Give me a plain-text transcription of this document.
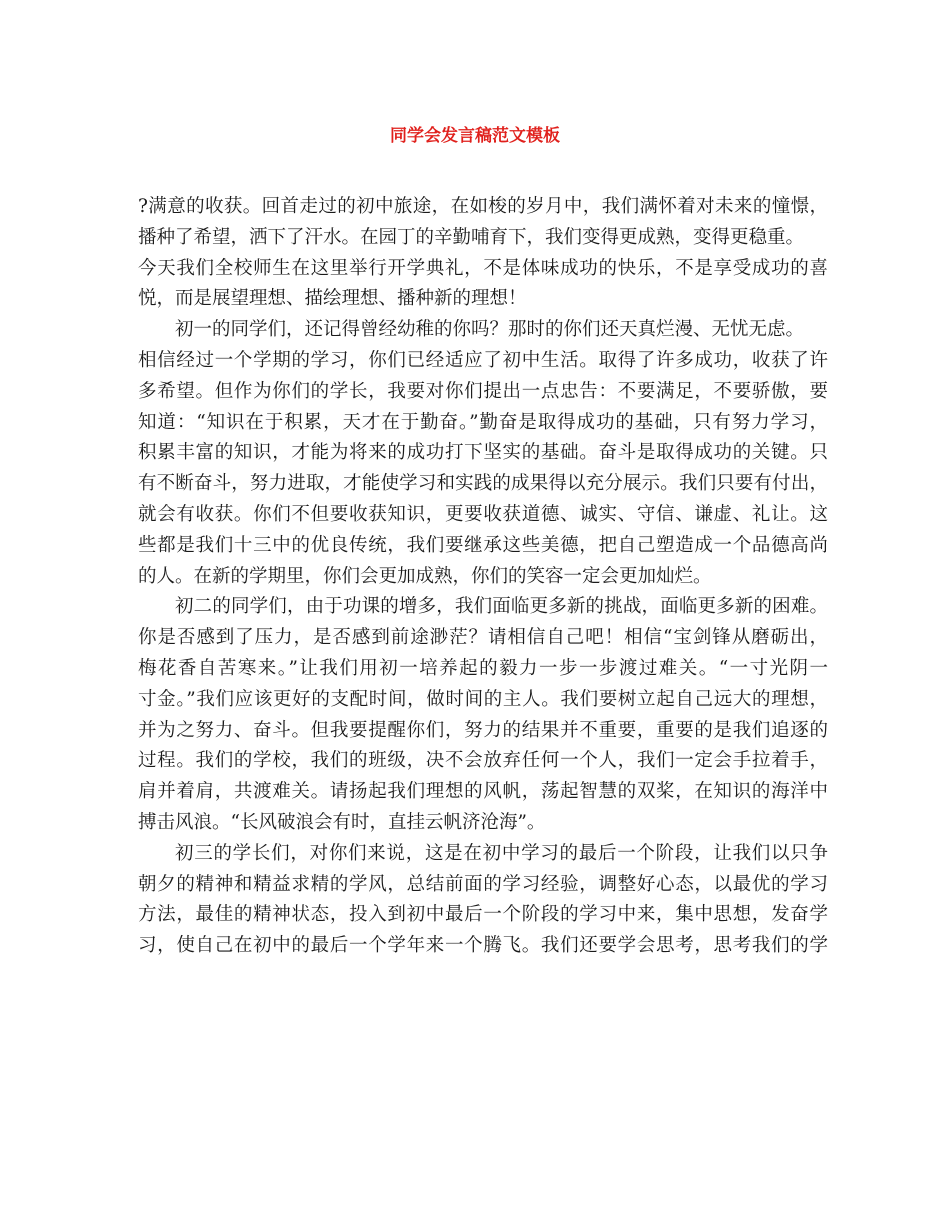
同学会发言稿范文模板
?满意的收获。回首走过的初中旅途，在如梭的岁月中，我们满怀着对未来的憧憬，
播种了希望，洒下了汗水。在园丁的辛勤哺育下，我们变得更成熟，变得更稳重。
今天我们全校师生在这里举行开学典礼，不是体味成功的快乐，不是享受成功的喜
悦，而是展望理想、描绘理想、播种新的理想！
初一的同学们，还记得曾经幼稚的你吗？那时的你们还天真烂漫、无忧无虑。
相信经过一个学期的学习，你们已经适应了初中生活。取得了许多成功，收获了许
多希望。但作为你们的学长，我要对你们提出一点忠告：不要满足，不要骄傲，要
知道：“知识在于积累，天才在于勤奋。”勤奋是取得成功的基础，只有努力学习，
积累丰富的知识，才能为将来的成功打下坚实的基础。奋斗是取得成功的关键。只
有不断奋斗，努力进取，才能使学习和实践的成果得以充分展示。我们只要有付出，
就会有收获。你们不但要收获知识，更要收获道德、诚实、守信、谦虚、礼让。这
些都是我们十三中的优良传统，我们要继承这些美德，把自己塑造成一个品德高尚
的人。在新的学期里，你们会更加成熟，你们的笑容一定会更加灿烂。
初二的同学们，由于功课的增多，我们面临更多新的挑战，面临更多新的困难。
你是否感到了压力，是否感到前途渺茫？请相信自己吧！相信“宝剑锋从磨砺出，
梅花香自苦寒来。”让我们用初一培养起的毅力一步一步渡过难关。“一寸光阴一
寸金。”我们应该更好的支配时间，做时间的主人。我们要树立起自己远大的理想，
并为之努力、奋斗。但我要提醒你们，努力的结果并不重要，重要的是我们追逐的
过程。我们的学校，我们的班级，决不会放弃任何一个人，我们一定会手拉着手，
肩并着肩，共渡难关。请扬起我们理想的风帆，荡起智慧的双桨，在知识的海洋中
搏击风浪。“长风破浪会有时，直挂云帆济沧海”。
初三的学长们，对你们来说，这是在初中学习的最后一个阶段，让我们以只争
朝夕的精神和精益求精的学风，总结前面的学习经验，调整好心态，以最优的学习
方法，最佳的精神状态，投入到初中最后一个阶段的学习中来，集中思想，发奋学
习，使自己在初中的最后一个学年来一个腾飞。我们还要学会思考，思考我们的学
